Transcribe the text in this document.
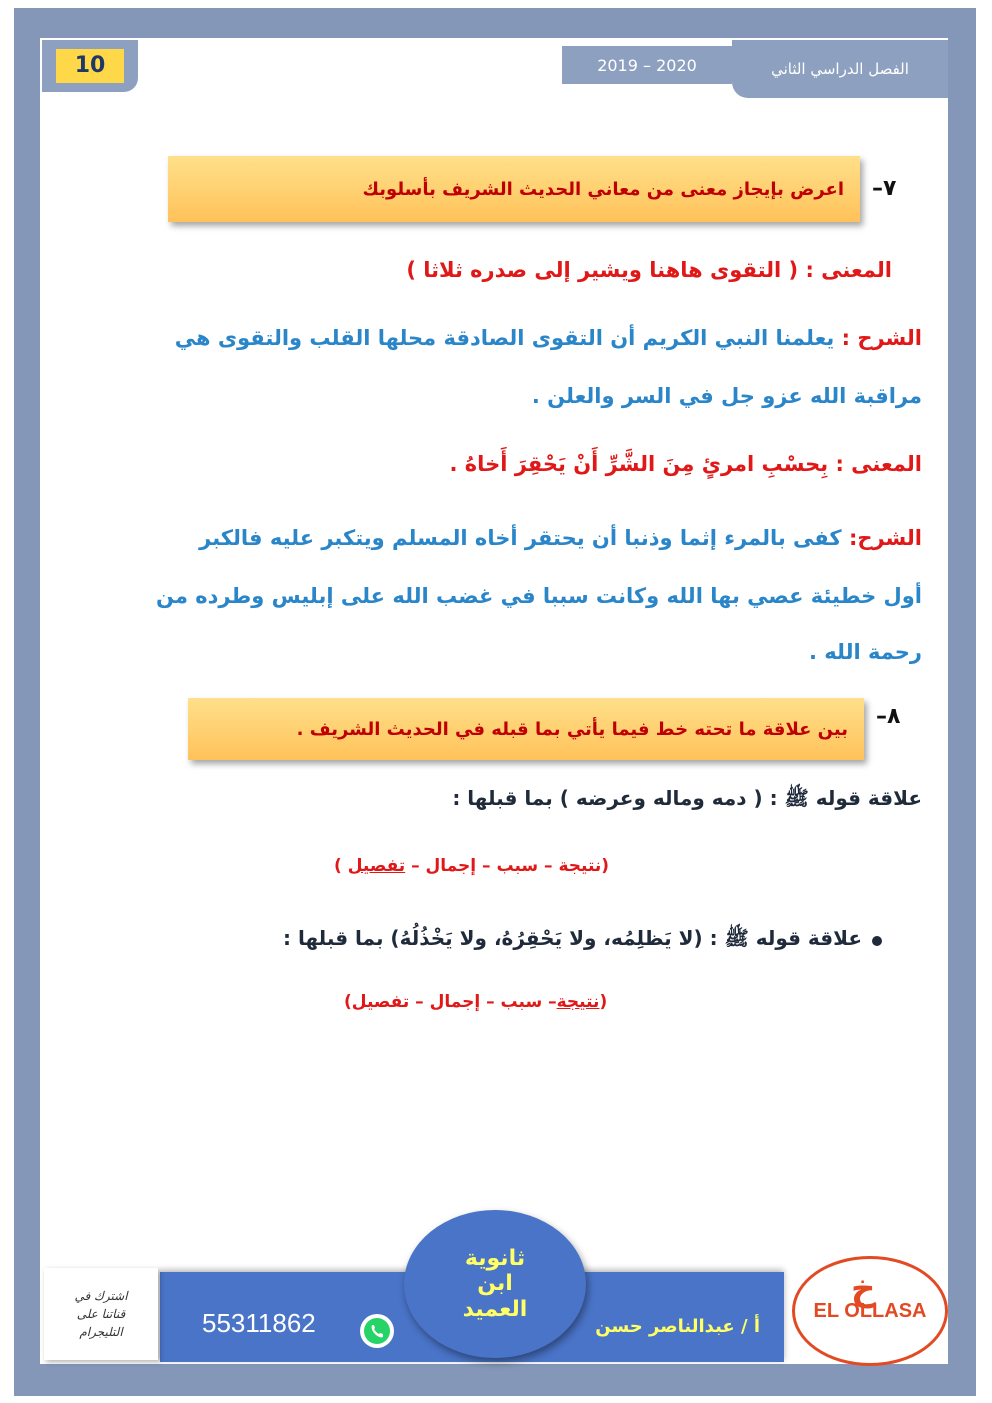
10	2019 – 2020	الفصل الدراسي الثاني
٧–
اعرض بإيجاز معنى من معاني الحديث الشريف بأسلوبك
المعنى : ( التقوى هاهنا ويشير إلى صدره ثلاثا )
الشرح : يعلمنا النبي الكريم أن التقوى الصادقة محلها القلب والتقوى هي
مراقبة الله عزو جل في السر والعلن .
المعنى : بِحسْبِ امرئٍ مِنَ الشَّرِّ أَنْ يَحْقِرَ أَخاهُ .
الشرح: كفى بالمرء إثما وذنبا أن يحتقر أخاه المسلم ويتكبر عليه فالكبر
أول خطيئة عصي بها الله وكانت سببا في غضب الله على إبليس وطرده من
رحمة الله .
٨–
بين علاقة ما تحته خط فيما يأتي بما قبله في الحديث الشريف .
علاقة قوله ﷺ : ( دمه وماله وعرضه ) بما قبلها :
(نتيجة – سبب – إجمال – تفصيل )
علاقة قوله ﷺ : (لا يَظلِمُه، ولا يَحْقِرُهُ، ولا يَخْذُلُهُ) بما قبلها :
(نتيجة– سبب – إجمال – تفصيل)
ثانوية
ابن
العميد
أ / عبدالناصر حسن
55311862
اشترك في
قناتنا على
التليجرام
خ
EL OLLASA
